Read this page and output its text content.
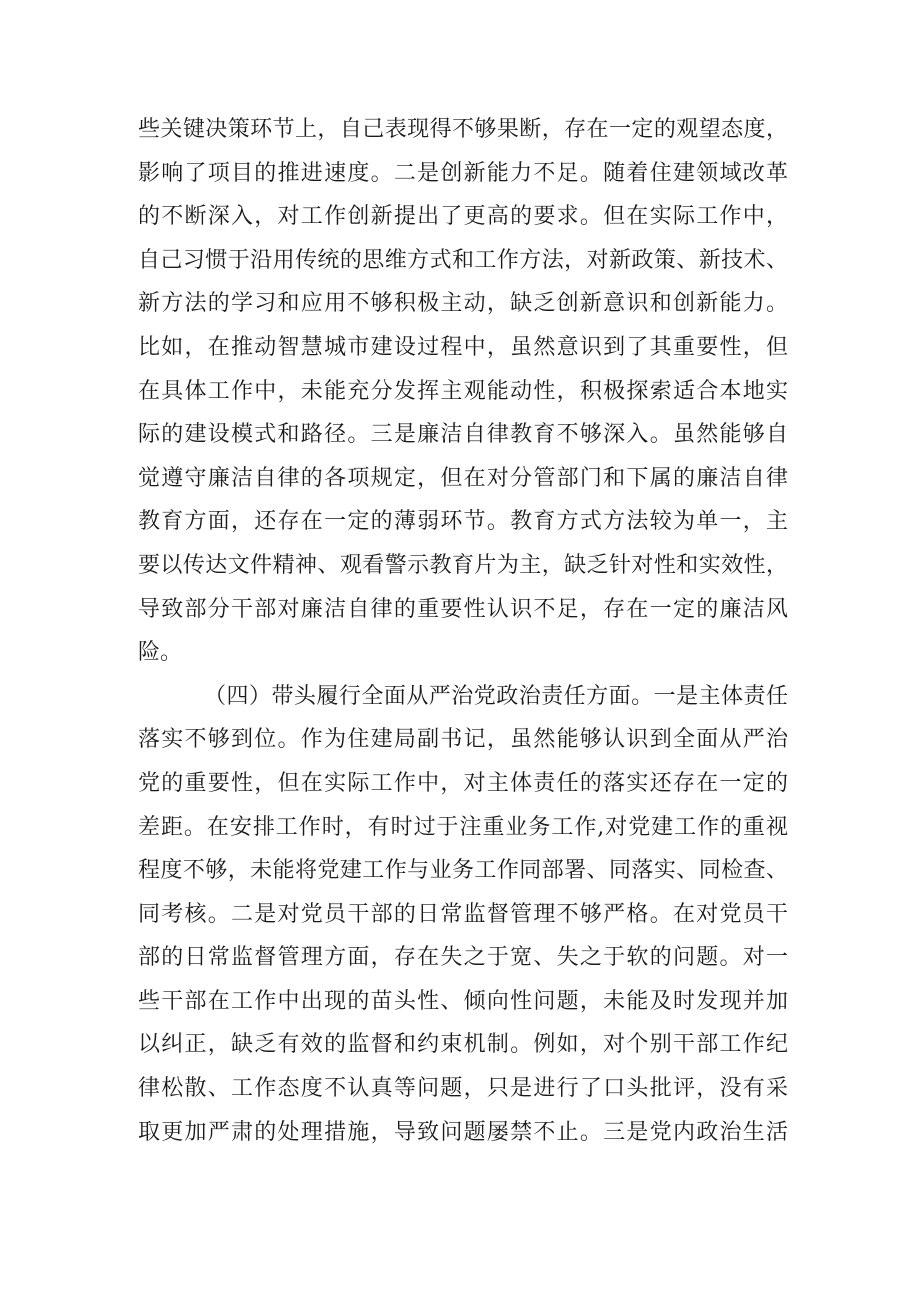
些关键决策环节上，自己表现得不够果断，存在一定的观望态度，
影响了项目的推进速度。二是创新能力不足。随着住建领域改革
的不断深入，对工作创新提出了更高的要求。但在实际工作中，
自己习惯于沿用传统的思维方式和工作方法，对新政策、新技术、
新方法的学习和应用不够积极主动，缺乏创新意识和创新能力。
比如，在推动智慧城市建设过程中，虽然意识到了其重要性，但
在具体工作中，未能充分发挥主观能动性，积极探索适合本地实
际的建设模式和路径。三是廉洁自律教育不够深入。虽然能够自
觉遵守廉洁自律的各项规定，但在对分管部门和下属的廉洁自律
教育方面，还存在一定的薄弱环节。教育方式方法较为单一，主
要以传达文件精神、观看警示教育片为主，缺乏针对性和实效性，
导致部分干部对廉洁自律的重要性认识不足，存在一定的廉洁风
险。
（四）带头履行全面从严治党政治责任方面。一是主体责任
落实不够到位。作为住建局副书记，虽然能够认识到全面从严治
党的重要性，但在实际工作中，对主体责任的落实还存在一定的
差距。在安排工作时，有时过于注重业务工作,对党建工作的重视
程度不够，未能将党建工作与业务工作同部署、同落实、同检查、
同考核。二是对党员干部的日常监督管理不够严格。在对党员干
部的日常监督管理方面，存在失之于宽、失之于软的问题。对一
些干部在工作中出现的苗头性、倾向性问题，未能及时发现并加
以纠正，缺乏有效的监督和约束机制。例如，对个别干部工作纪
律松散、工作态度不认真等问题，只是进行了口头批评，没有采
取更加严肃的处理措施，导致问题屡禁不止。三是党内政治生活
